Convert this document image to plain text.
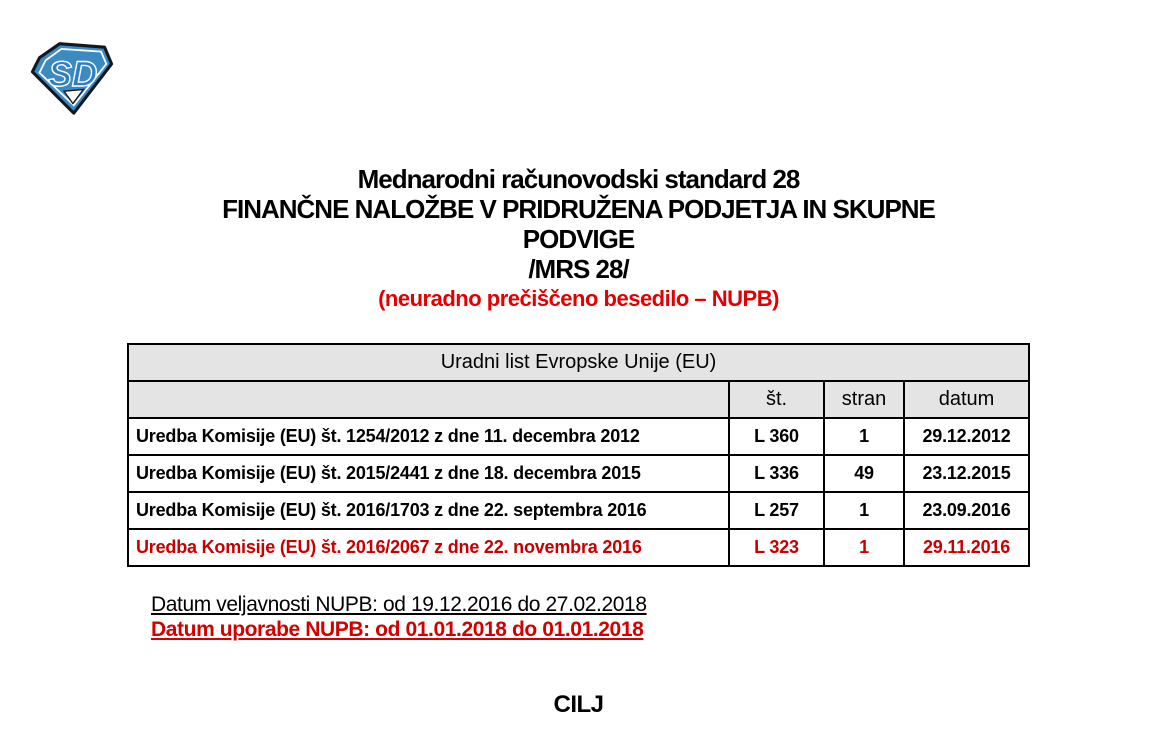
SD
Mednarodni računovodski standard 28
FINANČNE NALOŽBE V PRIDRUŽENA PODJETJA IN SKUPNE
PODVIGE
/MRS 28/
(neuradno prečiščeno besedilo – NUPB)
Uradni list Evropske Unije (EU)			
	št.	stran	datum
Uredba Komisije (EU) št. 1254/2012 z dne 11. decembra 2012	L 360	1	29.12.2012
Uredba Komisije (EU) št. 2015/2441 z dne 18. decembra 2015	L 336	49	23.12.2015
Uredba Komisije (EU) št. 2016/1703 z dne 22. septembra 2016	L 257	1	23.09.2016
Uredba Komisije (EU) št. 2016/2067 z dne 22. novembra 2016	L 323	1	29.11.2016
Datum veljavnosti NUPB: od 19.12.2016 do 27.02.2018
Datum uporabe NUPB: od 01.01.2018 do 01.01.2018
CILJ
